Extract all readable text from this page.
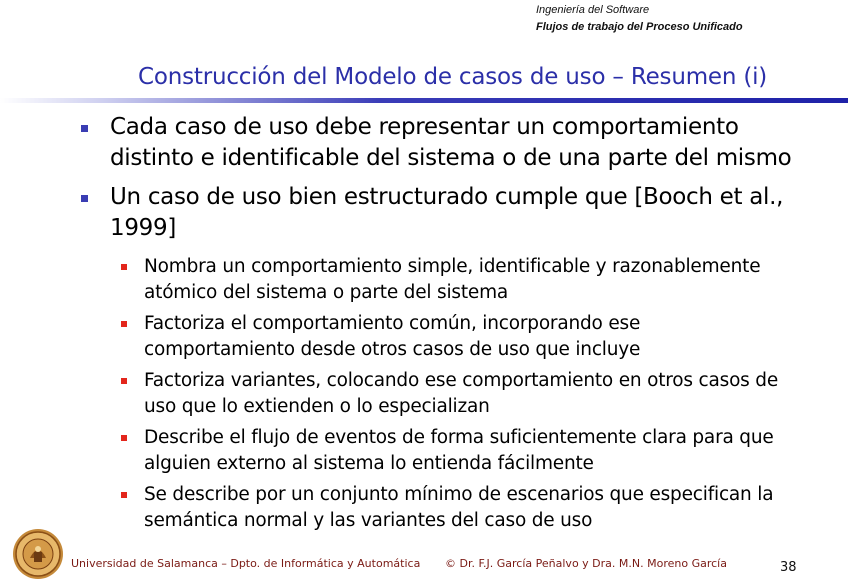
Ingeniería del Software
Flujos de trabajo del Proceso Unificado
Construcción del Modelo de casos de uso – Resumen (i)
Cada caso de uso debe representar un comportamiento
distinto e identificable del sistema o de una parte del mismo
Un caso de uso bien estructurado cumple que [Booch et al.,
1999]
Nombra un comportamiento simple, identificable y razonablemente
atómico del sistema o parte del sistema
Factoriza el comportamiento común, incorporando ese
comportamiento desde otros casos de uso que incluye
Factoriza variantes, colocando ese comportamiento en otros casos de
uso que lo extienden o lo especializan
Describe el flujo de eventos de forma suficientemente clara para que
alguien externo al sistema lo entienda fácilmente
Se describe por un conjunto mínimo de escenarios que especifican la
semántica normal y las variantes del caso de uso
Universidad de Salamanca – Dpto. de Informática y Automática © Dr. F.J. García Peñalvo y Dra. M.N. Moreno García	38
